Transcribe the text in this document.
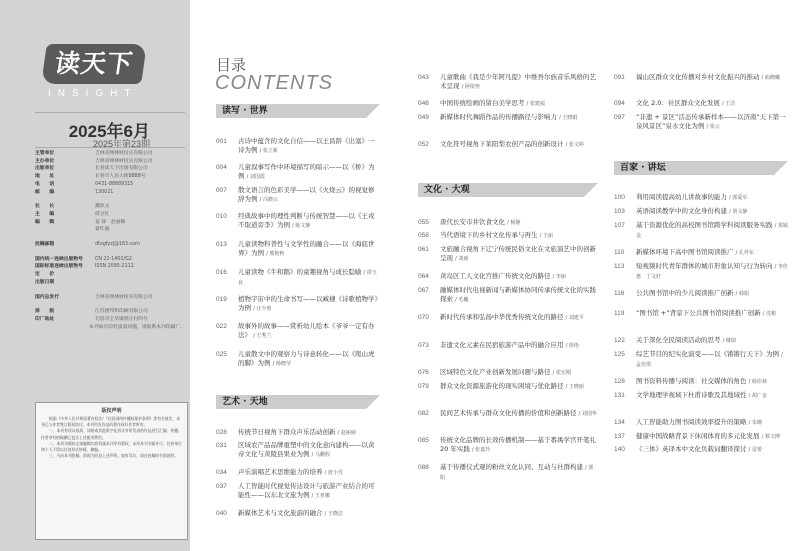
读天下
INSIGHT
2025年6月
2025年第23期
主管单位	吉林省网林财投实有限公司
主办单位	吉林省网林财投实有限公司
出版单位	长春读天下出版有限公司
地　　址	长春市人民大街8888号
电　　话	0431-88889315
邮　　编	130021
社　　长	魏欣文
主　　编	谭卫红
编　　辑	姜 锋　赵丽娜
翟红丽
投稿邮箱	dtxgfyzj@163.com
国内统一连续出版物号	CN 22-1401/G2
国际标准连续出版物号	ISSN 2095-2112
定　　价
出版日期
国内总发行	吉林省网林财投实有限公司
排　　版	江苏德邦和印刷有限公司
印厂地址	句容市宝华镇荆庄村四号
本刊如有印装质量问题，请联系本刊印刷厂。
版权声明

根据《中华人民共和国著作权法》《信息网络传播权保护条例》等有关规定，本刊已与作者签订版权协议，本刊所发作品的著作权归作者所有。

一、本刊有权以纸质、网络或其他数字化形式对所发表的作品进行汇编、传播，作者享有的稿酬已包含上述使用费用。

二、本刊刊载的全部编辑内容均属本刊享有版权，未经本刊书面许可，任何单位和个人不得以任何形式转载、摘编。

三、凡向本刊投稿，即视为同意上述声明。如有异议，请在投稿时书面说明。

目录
CONTENTS
读写 · 世界
001	古诗中蕴含的文化自信——以王昌龄《出塞》一诗为例 / 张立新
004	儿童叙事写作中环境描写的暗示——以《桥》为例 / 刘国霞
007	散文语言的色彩美学——以《火烧云》的视觉修辞为例 / 冯晓云
010	经典故事中的理性判断与传统智慧——以《王戎不取道旁李》为例 / 陈文静
013	儿童读物科普性与文学性的融合——以《海底世界》为例 / 邢艳秋
016	儿童读物《牛和鹅》的童趣视角与成长隐喻 / 谭玉良
019	植物宇宙中的生命书写——以臧棣《诗歌植物学》为例 / 汪少蓉
022	故事外的故事——赏析幼儿绘本《爷爷一定有办法》 / 王秀兰
025	儿童散文中的观察力与诗意转化——以《爬山虎的脚》为例 / 杨晓莹
艺术 · 天地
028	传统节日视角下群众声乐活动创新 / 赵丽丽
031	区域农产品品牌重塑中的文化意向建构——以黄帝文化与黄陵县果业为例 / 马鹏程
034	声乐演唱艺术思维能力的培养 / 唐小雪
037	人工智能时代视觉传达设计与旅游产业结合的可能性——以东北文旅为例 / 王亚娜
040	新媒体艺术与文化旅游的融合 / 王晓洁
043	儿童歌曲《我是少年阿凡提》中维吾尔族音乐风格的艺术呈现 / 阿依努
046	中国传统绘画的留白美学思考 / 张建福
049	新媒体时代舞蹈作品的传播路径与影响力 / 王晓娟
052	文化符号视角下莱阳梨农创产品的创新设计 / 张文婷
文化 · 大观
055	唐代长安市井饮食文化 / 杨静
058	当代语境下的乡村文化传承与再生 / 王丽
061	文旅融合视角下辽宁传统民俗文化在文旅演艺中的创新呈现 / 刘丽
064	黄岛区工人文化宫推广传统文化的路径 / 李丽
067	融媒体时代电视新闻与新媒体协同传承传统文化的实践探索 / 毛巍
070	新时代传承和弘扬中华优秀传统文化的路径 / 刘建平
073	非遗文化元素在民宿旅游产品中的融合应用 / 徐艳
076	区域特色文化产业创新发展问题与路径 / 张宏刚
079	群众文化资源旅游化的现实困境与优化路径 / 王晓丽
082	民间艺术传承与群众文化传播的价值和创新路径 / 刘国华
085	传统文化品牌的长效传播机制——基于番禺学宫开笔礼 20 年实践 / 张嘉玲
088	基于传播仪式观的粉丝文化认同、互动与社群构建 / 郭阳
091	福山区群众文化传播对乡村文化振兴的推动 / 曲晓曦
094	文化 2.0：社区群众文化发展 / 王洁
097	“非遗 + 景区”活态传承新样本——以济南“天下第一泉风景区”泉水文化为例 / 张云
百家 · 讲坛
100	利用阅读提高幼儿讲故事的能力 / 郭爱军
103	英语阅读教学中的文化身份构建 / 贾文静
107	基于资源优化的高校图书馆跨学科阅读服务实践 / 郑锡金
110	新媒体环境下高中图书馆阅读推广 / 孔祥东
113	短视频时代青年群体的城市形象认知与行为转向 / 李佳惠　丁文轩
116	公共图书馆中的少儿阅读推广创新 / 韩娟
119	“图书馆 +”背景下公共图书馆阅读推广创新 / 沈彬
122	关于深化全民阅读活动的思考 / 楼瑞
125	综艺节目的纪实化演变——以《锵锵行天下》为例 / 孟佳琪
128	图书资料传播与阅读：社交媒体的角色 / 杨佳林
131	文学地理学视域下杜甫诗歌及其地域性 / 胡广金
134	人工智能助力图书阅读效率提升的策略 / 朱珊
137	健康中国战略背景下休闲体育的多元化发展 / 蔡文博
140	《三体》英译本中文化负载词翻译探讨 / 雷蕾
